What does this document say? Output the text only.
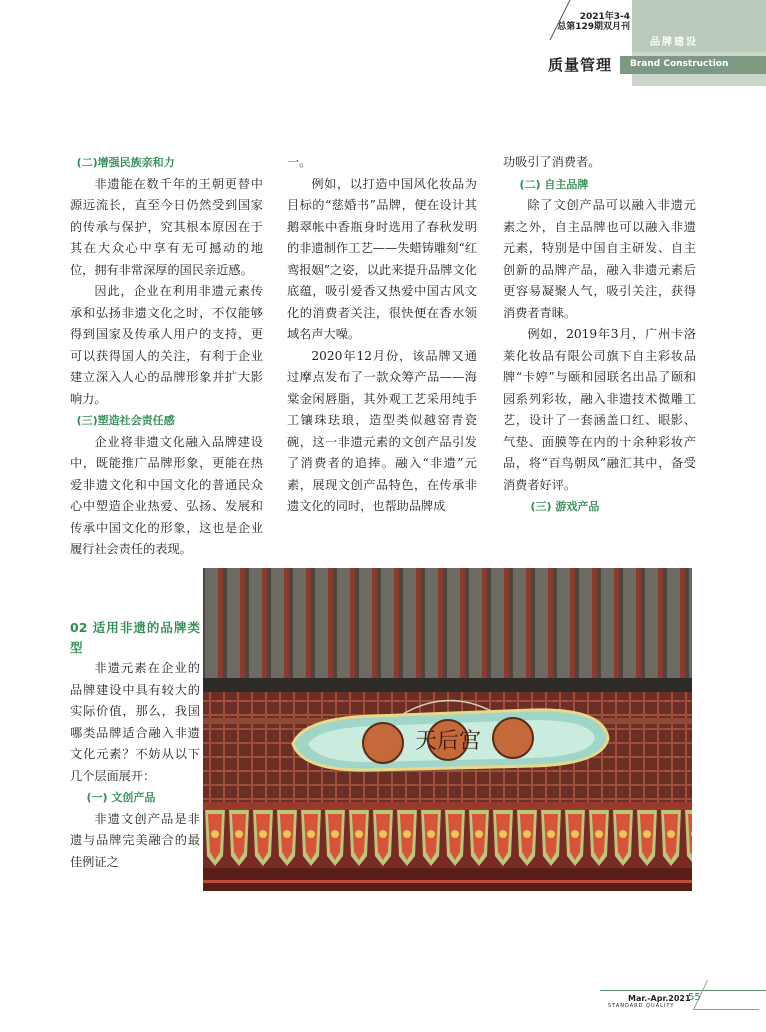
2021年3-4
总第129期双月刊
质量管理
品牌建设
Brand Construction

(二)增强民族亲和力

非遗能在数千年的王朝更替中源远流长，直至今日仍然受到国家的传承与保护，究其根本原因在于其在大众心中享有无可撼动的地位，拥有非常深厚的国民亲近感。

因此，企业在利用非遗元素传承和弘扬非遗文化之时，不仅能够得到国家及传承人用户的支持，更可以获得国人的关注，有利于企业建立深入人心的品牌形象并扩大影响力。

(三)塑造社会责任感

企业将非遗文化融入品牌建设中，既能推广品牌形象，更能在热爱非遗文化和中国文化的普通民众心中塑造企业热爱、弘扬、发展和传承中国文化的形象，这也是企业履行社会责任的表现。

02 适用非遗的品牌类型

非遗元素在企业的品牌建设中具有较大的实际价值，那么，我国哪类品牌适合融入非遗文化元素？不妨从以下几个层面展开：

(一) 文创产品

非遗文创产品是非遗与品牌完美融合的最佳例证之

一。

例如，以打造中国风化妆品为目标的“慈婚书”品牌，便在设计其鹅翠帐中香瓶身时选用了春秋发明的非遗制作工艺——失蜡铸雕刻“红鸾报姻”之姿，以此来提升品牌文化底蕴，吸引爱香又热爱中国古风文化的消费者关注，很快便在香水领域名声大噪。

2020年12月份，该品牌又通过摩点发布了一款众筹产品——海棠金闲唇脂，其外观工艺采用纯手工镶珠珐琅，造型类似越窑青瓷碗，这一非遗元素的文创产品引发了消费者的追捧。融入“非遗”元素，展现文创产品特色，在传承非遗文化的同时，也帮助品牌成

功吸引了消费者。

(二) 自主品牌

除了文创产品可以融入非遗元素之外，自主品牌也可以融入非遗元素，特别是中国自主研发、自主创新的品牌产品，融入非遗元素后更容易凝聚人气，吸引关注，获得消费者青睐。

例如，2019年3月，广州卡洛莱化妆品有限公司旗下自主彩妆品牌“卡婷”与颐和园联名出品了颐和园系列彩妆，融入非遗技术微雕工艺，设计了一套涵盖口红、眼影、气垫、面膜等在内的十余种彩妆产品，将“百鸟朝凤”融汇其中，备受消费者好评。

(三) 游戏产品

天后宫
Mar.-Apr.2021
STANDARD QUALITY
55
